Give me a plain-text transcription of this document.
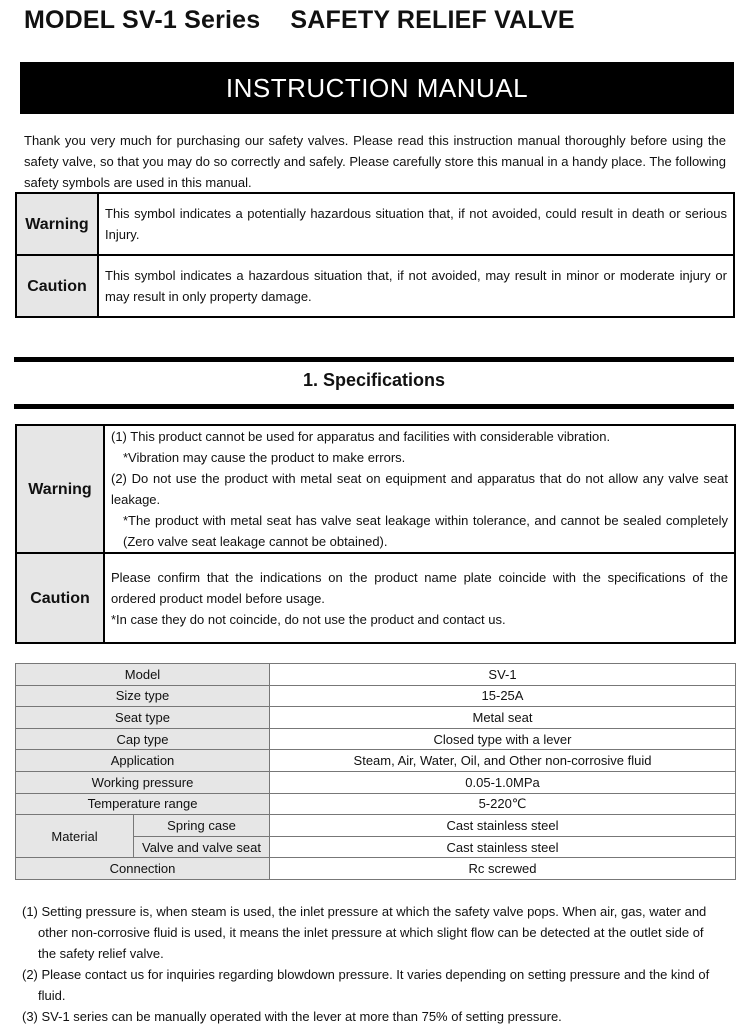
MODEL SV-1 Series SAFETY RELIEF VALVE
INSTRUCTION MANUAL
Thank you very much for purchasing our safety valves. Please read this instruction manual thoroughly before using the safety valve, so that you may do so correctly and safely. Please carefully store this manual in a handy place. The following safety symbols are used in this manual.
Warning	This symbol indicates a potentially hazardous situation that, if not avoided, could result in death or serious Injury.
Caution	This symbol indicates a hazardous situation that, if not avoided, may result in minor or moderate injury or may result in only property damage.
1. Specifications
Warning	(1) This product cannot be used for apparatus and facilities with considerable vibration.
*Vibration may cause the product to make errors.
(2) Do not use the product with metal seat on equipment and apparatus that do not allow any valve seat leakage.
*The product with metal seat has valve seat leakage within tolerance, and cannot be sealed completely (Zero valve seat leakage cannot be obtained).

Caution	Please confirm that the indications on the product name plate coincide with the specifications of the ordered product model before usage.
*In case they do not coincide, do not use the product and contact us.
Model		SV-1
Size type		15-25A
Seat type		Metal seat
Cap type		Closed type with a lever
Application		Steam, Air, Water, Oil, and Other non-corrosive fluid
Working pressure		0.05-1.0MPa
Temperature range		5-220℃
Material	Spring case	Cast stainless steel
	Valve and valve seat	Cast stainless steel
Connection		Rc screwed

(1) Setting pressure is, when steam is used, the inlet pressure at which the safety valve pops. When air, gas, water and other non-corrosive fluid is used, it means the inlet pressure at which slight flow can be detected at the outlet side of the safety relief valve.

(2) Please contact us for inquiries regarding blowdown pressure. It varies depending on setting pressure and the kind of fluid.

(3) SV-1 series can be manually operated with the lever at more than 75% of setting pressure.
